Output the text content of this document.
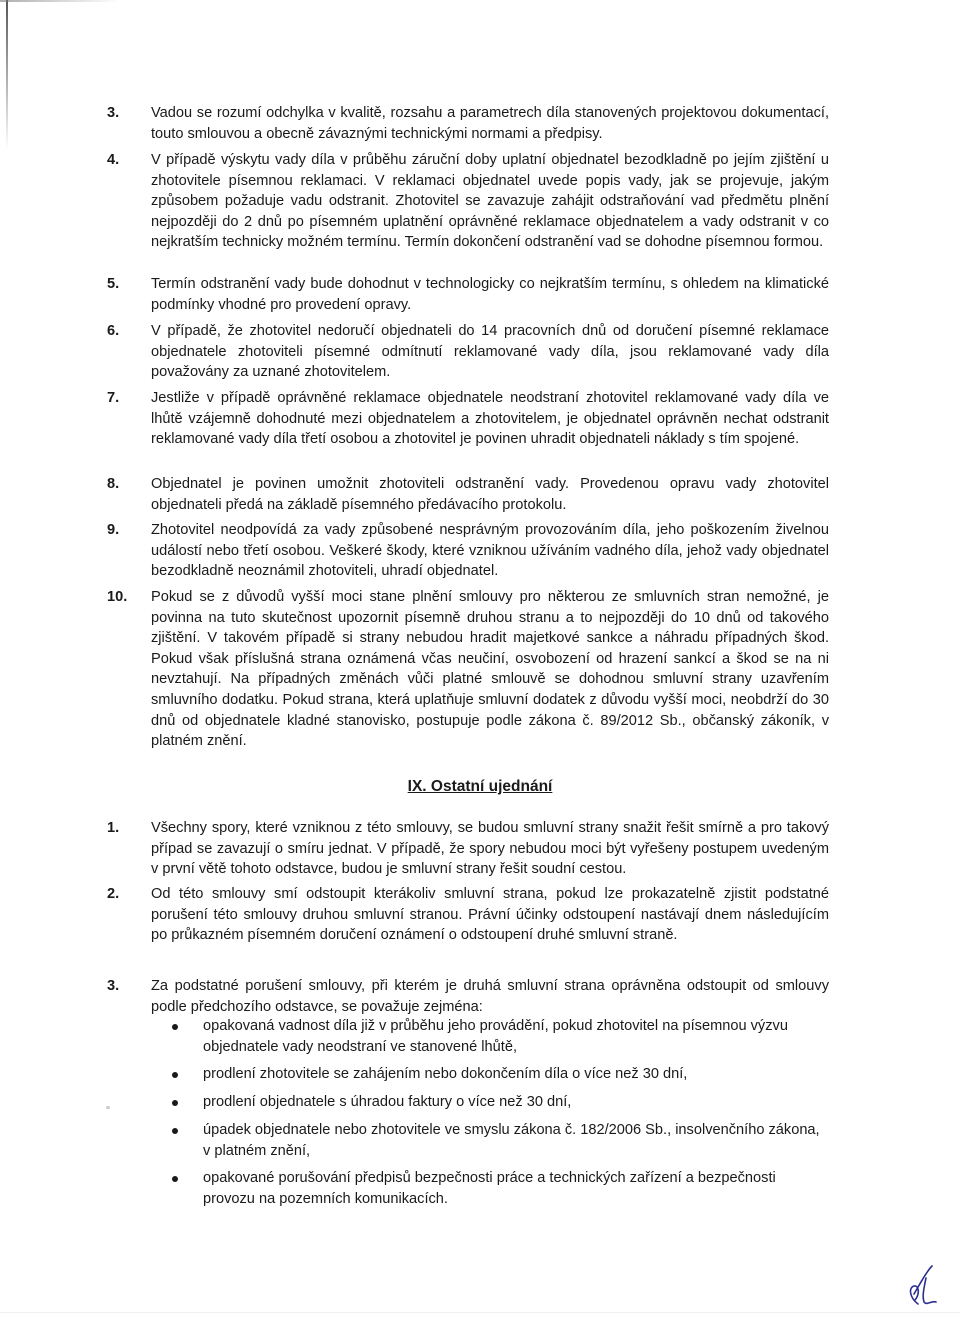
3.	Vadou se rozumí odchylka v kvalitě, rozsahu a parametrech díla stanovených projektovou dokumentací, touto smlouvou a obecně závaznými technickými normami a předpisy.
4.	V případě výskytu vady díla v průběhu záruční doby uplatní objednatel bezodkladně po jejím zjištění u zhotovitele písemnou reklamaci. V reklamaci objednatel uvede popis vady, jak se projevuje, jakým způsobem požaduje vadu odstranit. Zhotovitel se zavazuje zahájit odstraňování vad předmětu plnění nejpozději do 2 dnů po písemném uplatnění oprávněné reklamace objednatelem a vady odstranit v co nejkratším technicky možném termínu. Termín dokončení odstranění vad se dohodne písemnou formou.
5.	Termín odstranění vady bude dohodnut v technologicky co nejkratším termínu, s ohledem na klimatické podmínky vhodné pro provedení opravy.
6.	V případě, že zhotovitel nedoručí objednateli do 14 pracovních dnů od doručení písemné reklamace objednatele zhotoviteli písemné odmítnutí reklamované vady díla, jsou reklamované vady díla považovány za uznané zhotovitelem.
7.	Jestliže v případě oprávněné reklamace objednatele neodstraní zhotovitel reklamované vady díla ve lhůtě vzájemně dohodnuté mezi objednatelem a zhotovitelem, je objednatel oprávněn nechat odstranit reklamované vady díla třetí osobou a zhotovitel je povinen uhradit objednateli náklady s tím spojené.
8.	Objednatel je povinen umožnit zhotoviteli odstranění vady. Provedenou opravu vady zhotovitel objednateli předá na základě písemného předávacího protokolu.
9.	Zhotovitel neodpovídá za vady způsobené nesprávným provozováním díla, jeho poškozením živelnou událostí nebo třetí osobou. Veškeré škody, které vzniknou užíváním vadného díla, jehož vady objednatel bezodkladně neoznámil zhotoviteli, uhradí objednatel.
10.	Pokud se z důvodů vyšší moci stane plnění smlouvy pro některou ze smluvních stran nemožné, je povinna na tuto skutečnost upozornit písemně druhou stranu a to nejpozději do 10 dnů od takového zjištění. V takovém případě si strany nebudou hradit majetkové sankce a náhradu případných škod. Pokud však příslušná strana oznámená včas neučiní, osvobození od hrazení sankcí a škod se na ni nevztahují. Na případných změnách vůči platné smlouvě se dohodnou smluvní strany uzavřením smluvního dodatku. Pokud strana, která uplatňuje smluvní dodatek z důvodu vyšší moci, neobdrží do 30 dnů od objednatele kladné stanovisko, postupuje podle zákona č. 89/2012 Sb., občanský zákoník, v platném znění.
IX. Ostatní ujednání
1.	Všechny spory, které vzniknou z této smlouvy, se budou smluvní strany snažit řešit smírně a pro takový případ se zavazují o smíru jednat. V případě, že spory nebudou moci být vyřešeny postupem uvedeným v první větě tohoto odstavce, budou je smluvní strany řešit soudní cestou.
2.	Od této smlouvy smí odstoupit kterákoliv smluvní strana, pokud lze prokazatelně zjistit podstatné porušení této smlouvy druhou smluvní stranou. Právní účinky odstoupení nastávají dnem následujícím po průkazném písemném doručení oznámení o odstoupení druhé smluvní straně.
3.	Za podstatné porušení smlouvy, při kterém je druhá smluvní strana oprávněna odstoupit od smlouvy podle předchozího odstavce, se považuje zejména:
opakovaná vadnost díla již v průběhu jeho provádění, pokud zhotovitel na písemnou výzvu objednatele vady neodstraní ve stanovené lhůtě,
prodlení zhotovitele se zahájením nebo dokončením díla o více než 30 dní,
prodlení objednatele s úhradou faktury o více než 30 dní,
úpadek objednatele nebo zhotovitele ve smyslu zákona č. 182/2006 Sb., insolvenčního zákona, v platném znění,
opakované porušování předpisů bezpečnosti práce a technických zařízení a bezpečnosti provozu na pozemních komunikacích.
